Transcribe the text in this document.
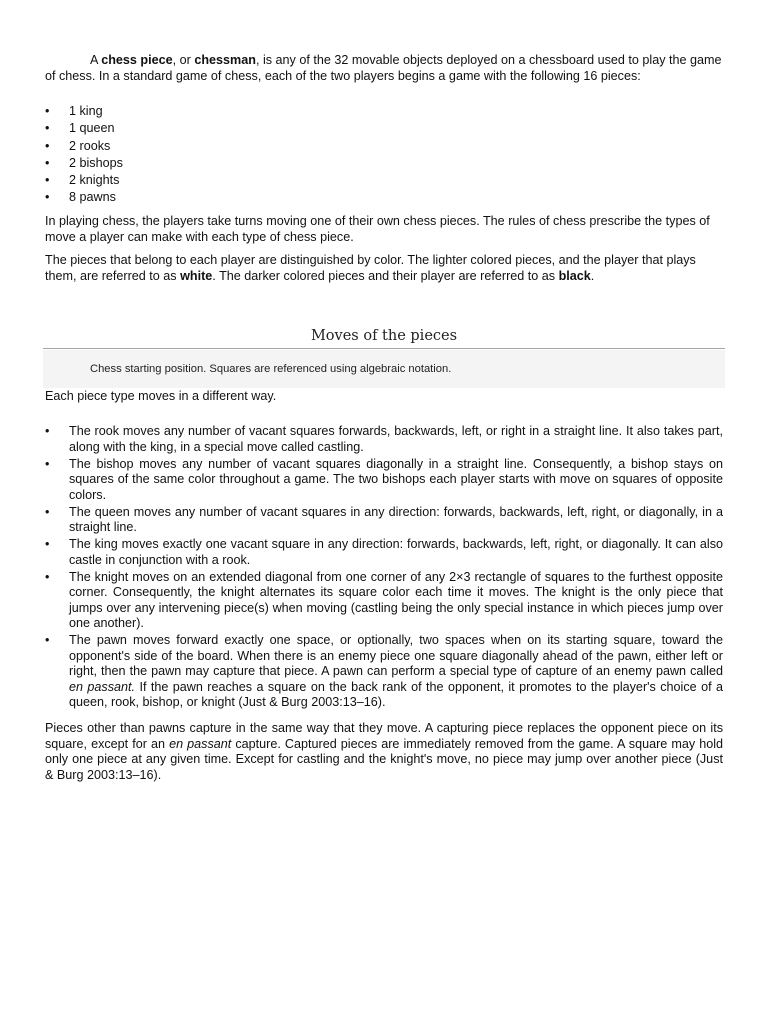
A chess piece, or chessman, is any of the 32 movable objects deployed on a chessboard used to play the game of chess. In a standard game of chess, each of the two players begins a game with the following 16 pieces:

• 1 king
• 1 queen
• 2 rooks
• 2 bishops
• 2 knights
• 8 pawns

In playing chess, the players take turns moving one of their own chess pieces. The rules of chess prescribe the types of move a player can make with each type of chess piece.

The pieces that belong to each player are distinguished by color. The lighter colored pieces, and the player that plays them, are referred to as white. The darker colored pieces and their player are referred to as black.

Moves of the pieces
Chess starting position. Squares are referenced using algebraic notation.

Each piece type moves in a different way.

• The rook moves any number of vacant squares forwards, backwards, left, or right in a straight line. It also takes part, along with the king, in a special move called castling.
• The bishop moves any number of vacant squares diagonally in a straight line. Consequently, a bishop stays on squares of the same color throughout a game. The two bishops each player starts with move on squares of opposite colors.
• The queen moves any number of vacant squares in any direction: forwards, backwards, left, right, or diagonally, in a straight line.
• The king moves exactly one vacant square in any direction: forwards, backwards, left, right, or diagonally. It can also castle in conjunction with a rook.
• The knight moves on an extended diagonal from one corner of any 2×3 rectangle of squares to the furthest opposite corner. Consequently, the knight alternates its square color each time it moves. The knight is the only piece that jumps over any intervening piece(s) when moving (castling being the only special instance in which pieces jump over one another).
• The pawn moves forward exactly one space, or optionally, two spaces when on its starting square, toward the opponent's side of the board. When there is an enemy piece one square diagonally ahead of the pawn, either left or right, then the pawn may capture that piece. A pawn can perform a special type of capture of an enemy pawn called en passant. If the pawn reaches a square on the back rank of the opponent, it promotes to the player's choice of a queen, rook, bishop, or knight (Just & Burg 2003:13–16).

Pieces other than pawns capture in the same way that they move. A capturing piece replaces the opponent piece on its square, except for an en passant capture. Captured pieces are immediately removed from the game. A square may hold only one piece at any given time. Except for castling and the knight's move, no piece may jump over another piece (Just & Burg 2003:13–16).
